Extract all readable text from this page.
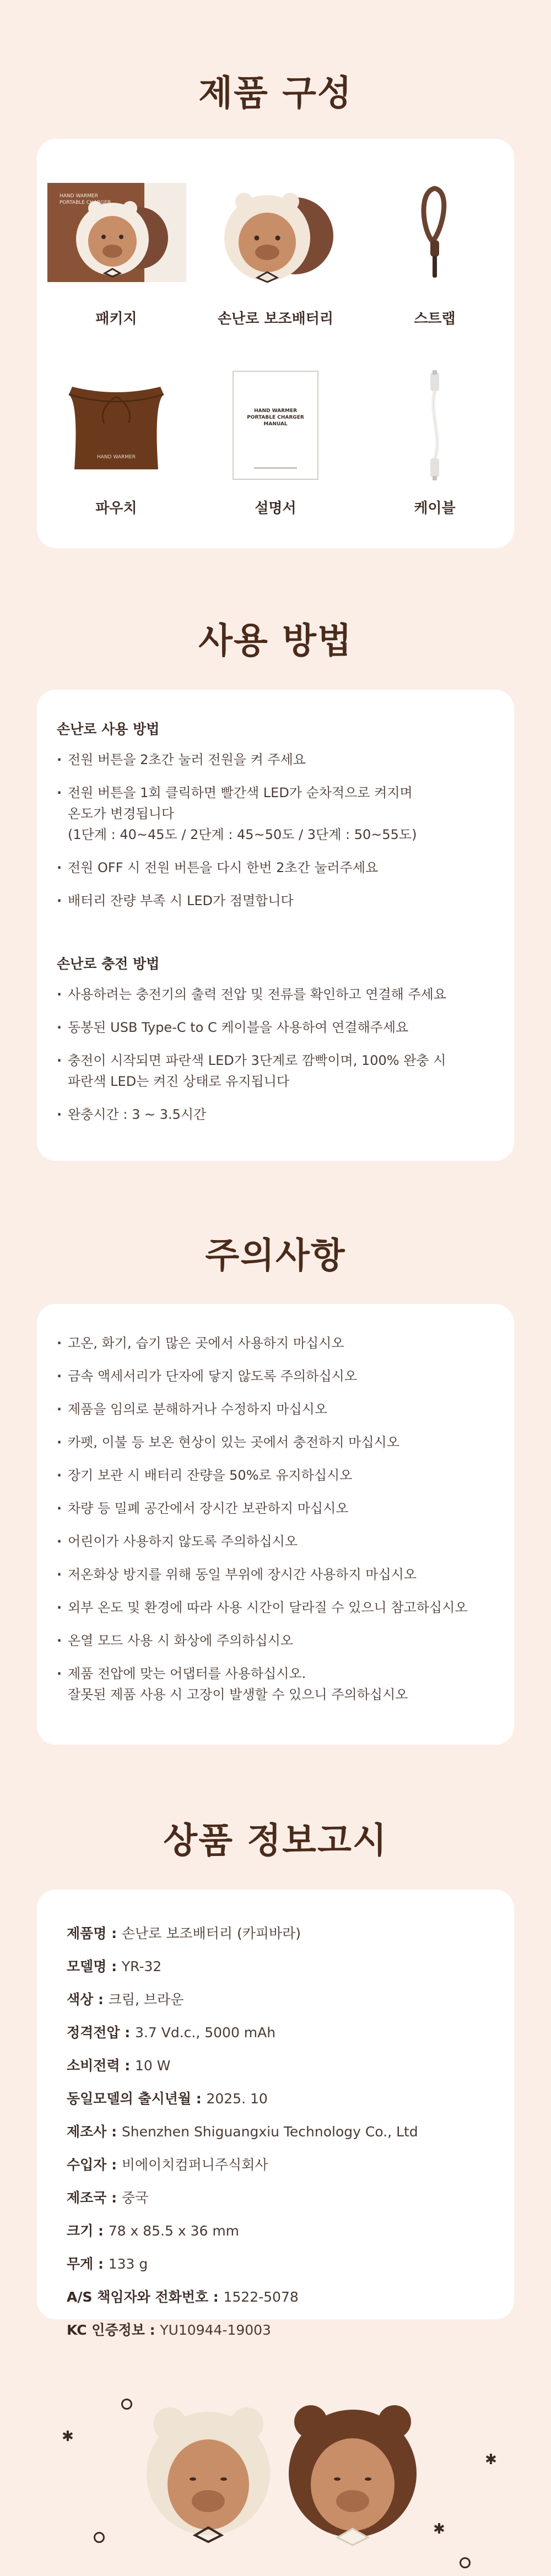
제품 구성
HAND WARMER
PORTABLE CHARGER
패키지	손난로 보조배터리	스트랩
HAND WARMER
파우치
HAND WARMER
PORTABLE CHARGER
MANUAL
설명서	케이블
사용 방법
손난로 사용 방법
· 전원 버튼을 2초간 눌러 전원을 켜 주세요
· 전원 버튼을 1회 클릭하면 빨간색 LED가 순차적으로 켜지며
온도가 변경됩니다
(1단계 : 40~45도 / 2단계 : 45~50도 / 3단계 : 50~55도)
· 전원 OFF 시 전원 버튼을 다시 한번 2초간 눌러주세요
· 배터리 잔량 부족 시 LED가 점멸합니다
손난로 충전 방법
· 사용하려는 충전기의 출력 전압 및 전류를 확인하고 연결해 주세요
· 동봉된 USB Type-C to C 케이블을 사용하여 연결해주세요
· 충전이 시작되면 파란색 LED가 3단계로 깜빡이며, 100% 완충 시
파란색 LED는 켜진 상태로 유지됩니다
· 완충시간 : 3 ~ 3.5시간
주의사항
· 고온, 화기, 습기 많은 곳에서 사용하지 마십시오
· 금속 액세서리가 단자에 닿지 않도록 주의하십시오
· 제품을 임의로 분해하거나 수정하지 마십시오
· 카펫, 이불 등 보온 현상이 있는 곳에서 충전하지 마십시오
· 장기 보관 시 배터리 잔량을 50%로 유지하십시오
· 차량 등 밀폐 공간에서 장시간 보관하지 마십시오
· 어린이가 사용하지 않도록 주의하십시오
· 저온화상 방지를 위해 동일 부위에 장시간 사용하지 마십시오
· 외부 온도 및 환경에 따라 사용 시간이 달라질 수 있으니 참고하십시오
· 온열 모드 사용 시 화상에 주의하십시오
· 제품 전압에 맞는 어댑터를 사용하십시오.
잘못된 제품 사용 시 고장이 발생할 수 있으니 주의하십시오
상품 정보고시
제품명 : 손난로 보조배터리 (카피바라)
모델명 : YR-32
색상 : 크림, 브라운
정격전압 : 3.7 Vd.c., 5000 mAh
소비전력 : 10 W
동일모델의 출시년월 : 2025. 10
제조사 : Shenzhen Shiguangxiu Technology Co., Ltd
수입자 : 비에이치컴퍼니주식회사
제조국 : 중국
크기 : 78 x 85.5 x 36 mm
무게 : 133 g
A/S 책임자와 전화번호 : 1522-5078
KC 인증정보 : YU10944-19003
✱
✱
✱
